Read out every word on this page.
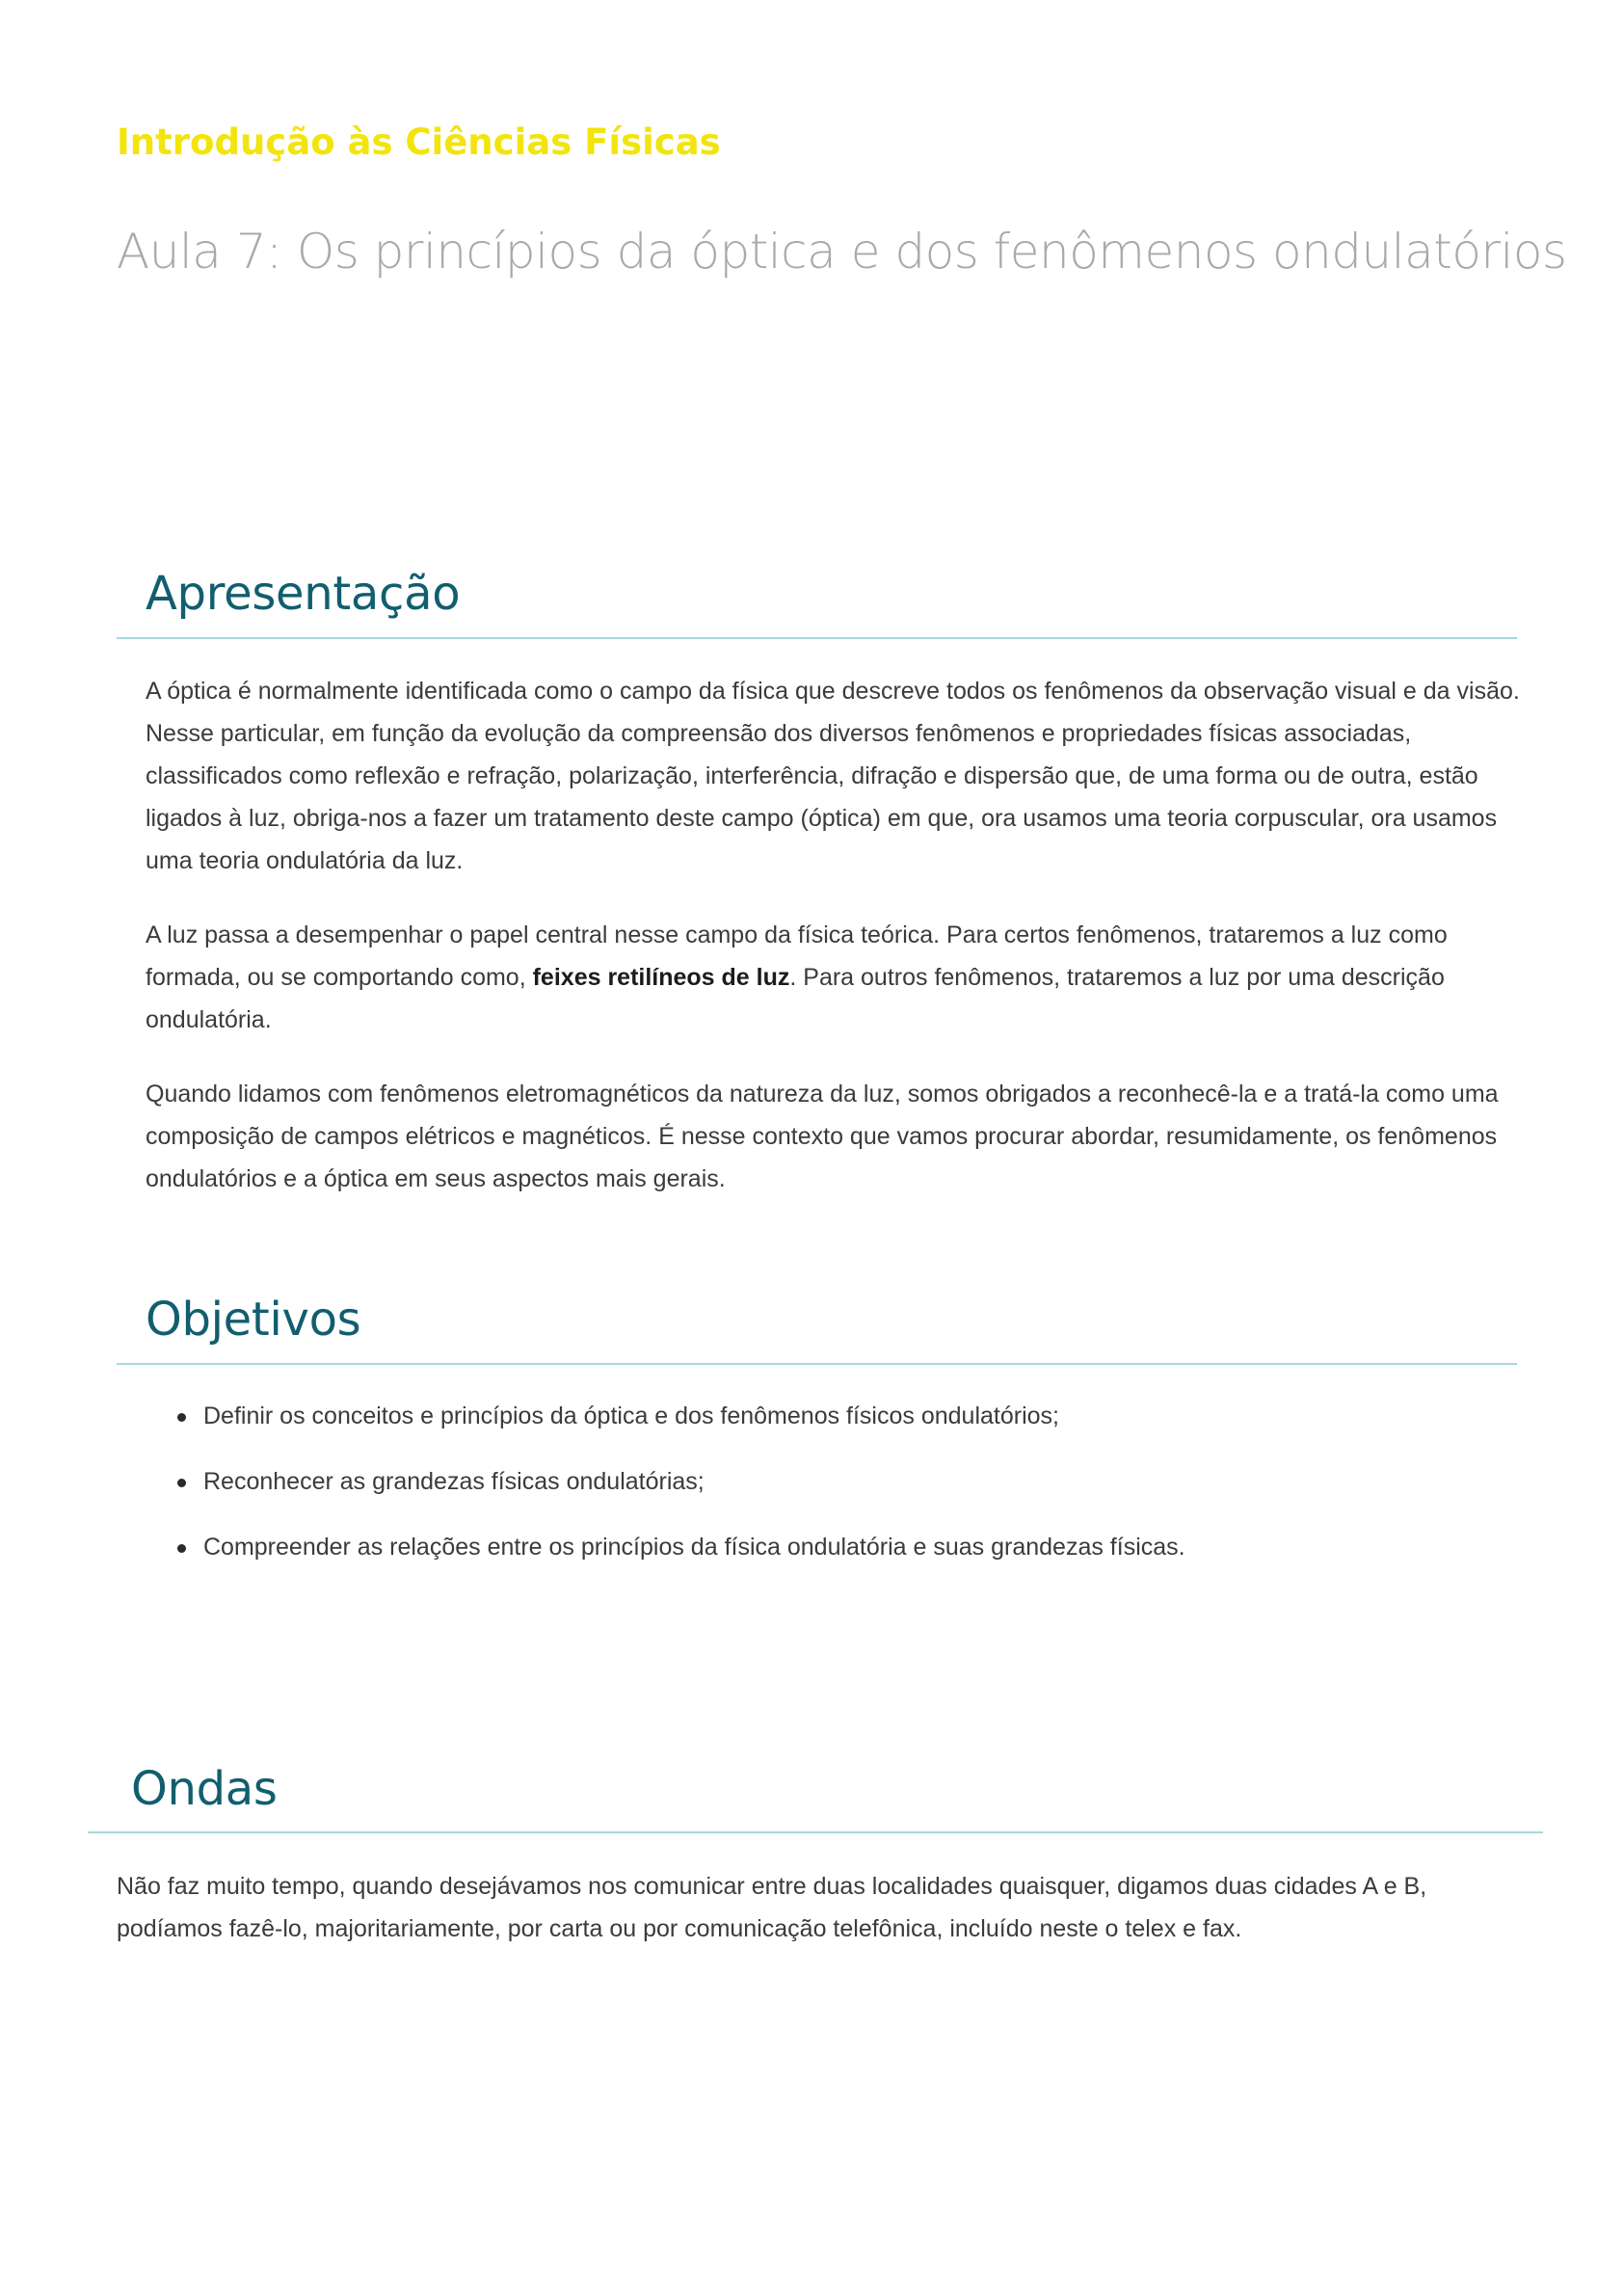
Introdução às Ciências Físicas
Aula 7: Os princípios da óptica e dos fenômenos ondulatórios
Apresentação

A óptica é normalmente identificada como o campo da física que descreve todos os fenômenos da observação visual e da visão. Nesse particular, em função da evolução da compreensão dos diversos fenômenos e propriedades físicas associadas, classificados como reflexão e refração, polarização, interferência, difração e dispersão que, de uma forma ou de outra, estão ligados à luz, obriga-nos a fazer um tratamento deste campo (óptica) em que, ora usamos uma teoria corpuscular, ora usamos uma teoria ondulatória da luz.

A luz passa a desempenhar o papel central nesse campo da física teórica. Para certos fenômenos, trataremos a luz como formada, ou se comportando como, feixes retilíneos de luz. Para outros fenômenos, trataremos a luz por uma descrição ondulatória.

Quando lidamos com fenômenos eletromagnéticos da natureza da luz, somos obrigados a reconhecê-la e a tratá-la como uma composição de campos elétricos e magnéticos. É nesse contexto que vamos procurar abordar, resumidamente, os fenômenos ondulatórios e a óptica em seus aspectos mais gerais.

Objetivos
Definir os conceitos e princípios da óptica e dos fenômenos físicos ondulatórios;
Reconhecer as grandezas físicas ondulatórias;
Compreender as relações entre os princípios da física ondulatória e suas grandezas físicas.
Ondas

Não faz muito tempo, quando desejávamos nos comunicar entre duas localidades quaisquer, digamos duas cidades A e B, podíamos fazê-lo, majoritariamente, por carta ou por comunicação telefônica, incluído neste o telex e fax.
